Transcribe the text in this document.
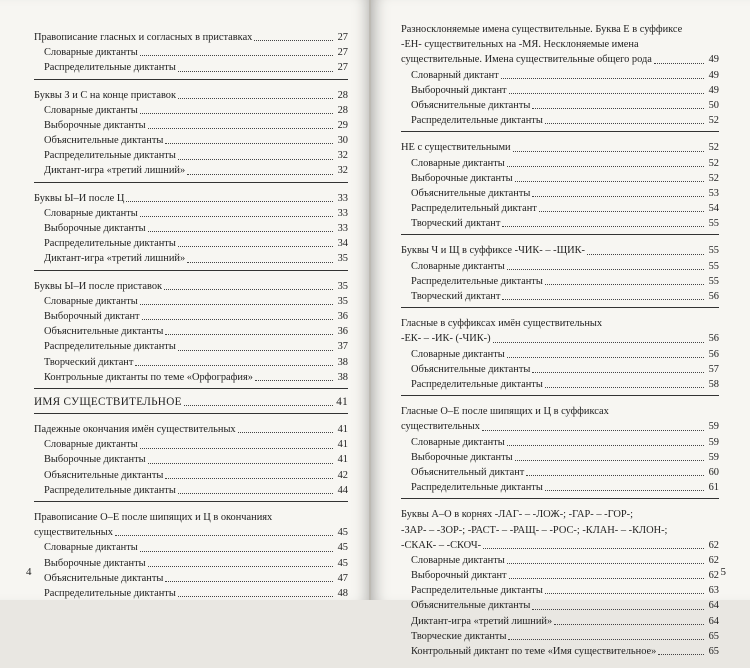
Правописание гласных и согласных в приставках	27
Словарные диктанты	27
Распределительные диктанты	27
Буквы З и С на конце приставок	28
Словарные диктанты	28
Выборочные диктанты	29
Объяснительные диктанты	30
Распределительные диктанты	32
Диктант-игра «третий лишний»	32
Буквы Ы–И после Ц	33
Словарные диктанты	33
Выборочные диктанты	33
Распределительные диктанты	34
Диктант-игра «третий лишний»	35
Буквы Ы–И после приставок	35
Словарные диктанты	35
Выборочный диктант	36
Объяснительные диктанты	36
Распределительные диктанты	37
Творческий диктант	38
Контрольные диктанты по теме «Орфография»	38
ИМЯ СУЩЕСТВИТЕЛЬНОЕ	41
Падежные окончания имён существительных	41
Словарные диктанты	41
Выборочные диктанты	41
Объяснительные диктанты	42
Распределительные диктанты	44
Правописание О–Е после шипящих и Ц в окончаниях
существительных	45
Словарные диктанты	45
Выборочные диктанты	45
Объяснительные диктанты	47
Распределительные диктанты	48
4
Разносклоняемые имена существительные. Буква Е в суффиксе
-ЕН- существительных на -МЯ. Несклоняемые имена
существительные. Имена существительные общего рода	49
Словарный диктант	49
Выборочный диктант	49
Объяснительные диктанты	50
Распределительные диктанты	52
НЕ с существительными	52
Словарные диктанты	52
Выборочные диктанты	52
Объяснительные диктанты	53
Распределительный диктант	54
Творческий диктант	55
Буквы Ч и Щ в суффиксе -ЧИК- – -ЩИК-	55
Словарные диктанты	55
Распределительные диктанты	55
Творческий диктант	56
Гласные в суффиксах имён существительных
-ЕК- – -ИК- (-ЧИК-)	56
Словарные диктанты	56
Объяснительные диктанты	57
Распределительные диктанты	58
Гласные О–Е после шипящих и Ц в суффиксах
существительных	59
Словарные диктанты	59
Выборочные диктанты	59
Объяснительный диктант	60
Распределительные диктанты	61
Буквы А–О в корнях -ЛАГ- – -ЛОЖ-; -ГАР- – -ГОР-;
-ЗАР- – -ЗОР-; -РАСТ- – -РАЩ- – -РОС-; -КЛАН- – -КЛОН-;
-СКАК- – -СКОЧ-	62
Словарные диктанты	62
Выборочный диктант	62
Распределительные диктанты	63
Объяснительные диктанты	64
Диктант-игра «третий лишний»	64
Творческие диктанты	65
Контрольный диктант по теме «Имя существительное»	65
5
